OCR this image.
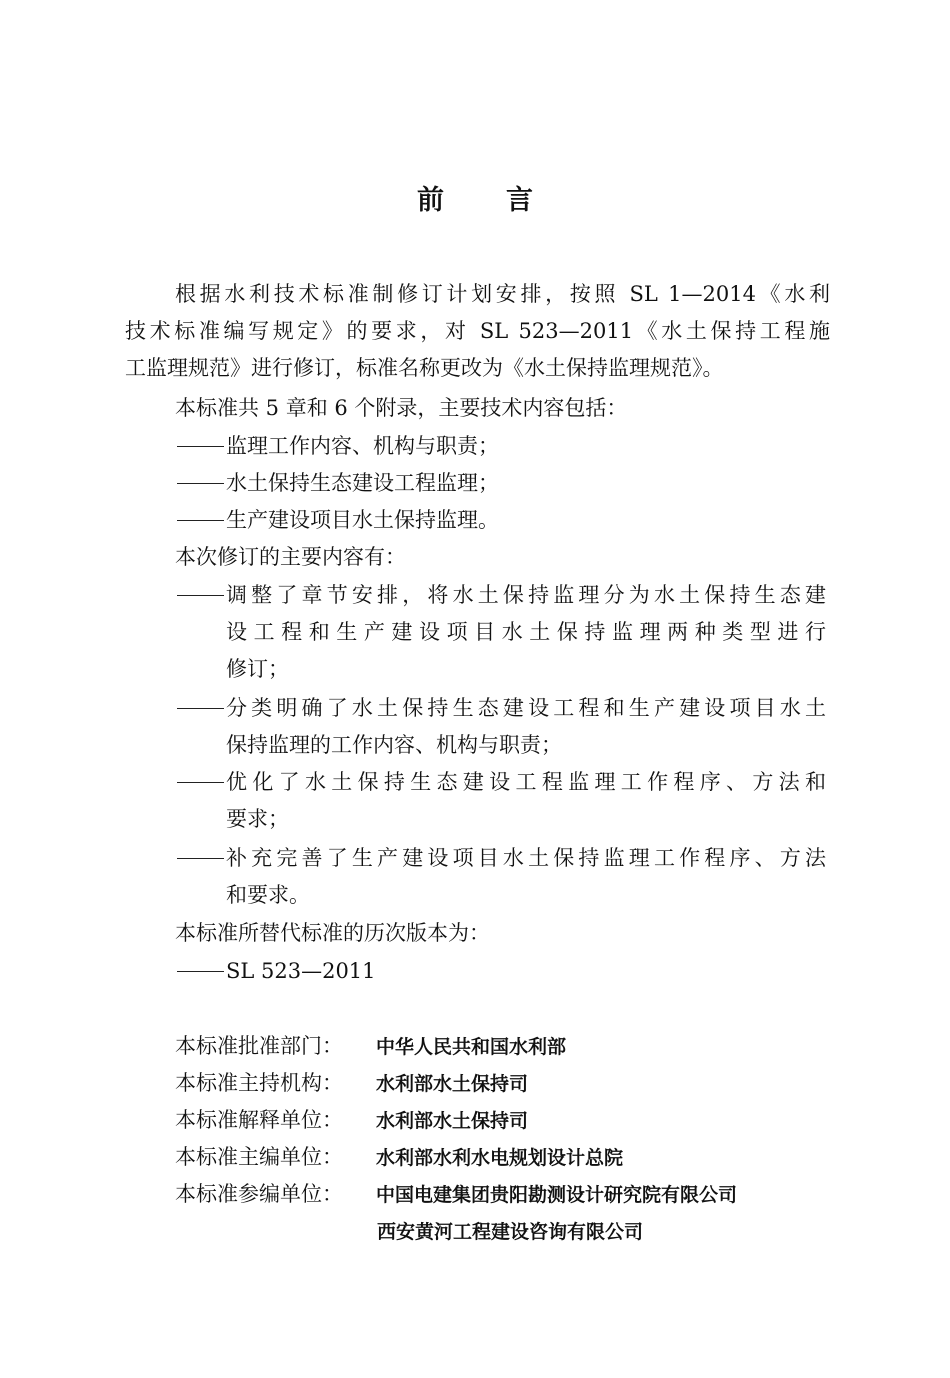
前 言
根据水利技术标准制修订计划安排，按照 SL 1—2014《水利
技术标准编写规定》的要求，对 SL 523—2011《水土保持工程施
工监理规范》进行修订，标准名称更改为《水土保持监理规范》。
本标准共 5 章和 6 个附录，主要技术内容包括：
监理工作内容、机构与职责；
水土保持生态建设工程监理；
生产建设项目水土保持监理。
本次修订的主要内容有：
调整了章节安排，将水土保持监理分为水土保持生态建
设工程和生产建设项目水土保持监理两种类型进行
修订；
分类明确了水土保持生态建设工程和生产建设项目水土
保持监理的工作内容、机构与职责；
优化了水土保持生态建设工程监理工作程序、方法和
要求；
补充完善了生产建设项目水土保持监理工作程序、方法
和要求。
本标准所替代标准的历次版本为：
SL 523—2011
本标准批准部门： 中华人民共和国水利部
本标准主持机构： 水利部水土保持司
本标准解释单位： 水利部水土保持司
本标准主编单位： 水利部水利水电规划设计总院
本标准参编单位： 中国电建集团贵阳勘测设计研究院有限公司
西安黄河工程建设咨询有限公司
